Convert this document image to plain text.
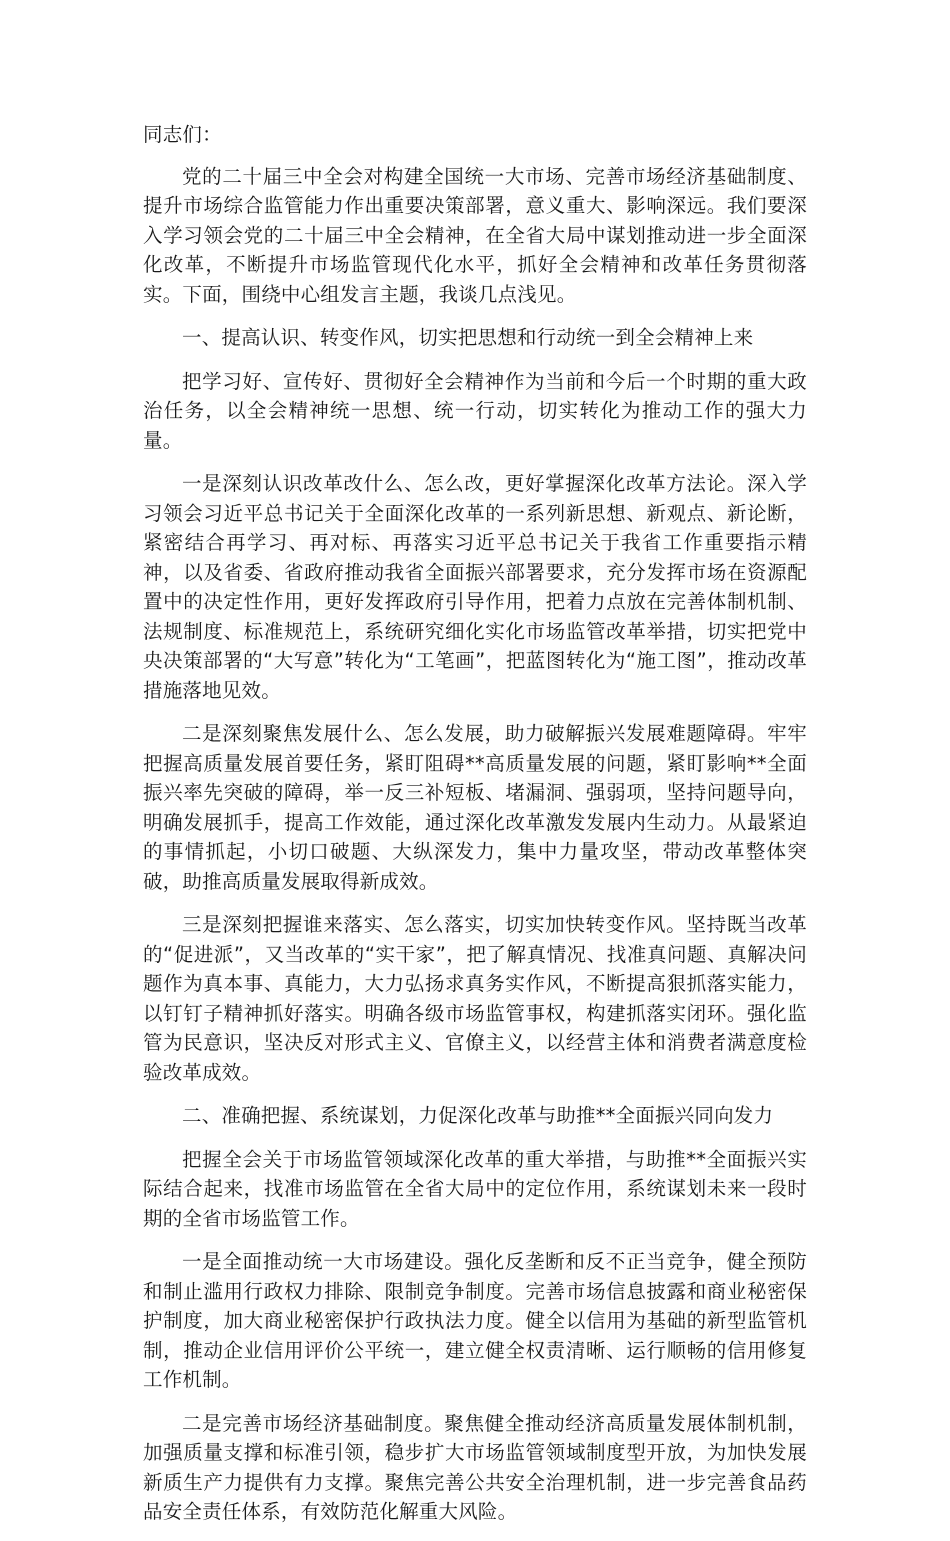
同志们：

党的二十届三中全会对构建全国统一大市场、完善市场经济基础制度、提升市场综合监管能力作出重要决策部署，意义重大、影响深远。我们要深入学习领会党的二十届三中全会精神，在全省大局中谋划推动进一步全面深化改革，不断提升市场监管现代化水平，抓好全会精神和改革任务贯彻落实。下面，围绕中心组发言主题，我谈几点浅见。

一、提高认识、转变作风，切实把思想和行动统一到全会精神上来

把学习好、宣传好、贯彻好全会精神作为当前和今后一个时期的重大政治任务，以全会精神统一思想、统一行动，切实转化为推动工作的强大力量。

一是深刻认识改革改什么、怎么改，更好掌握深化改革方法论。深入学习领会习近平总书记关于全面深化改革的一系列新思想、新观点、新论断，紧密结合再学习、再对标、再落实习近平总书记关于我省工作重要指示精神，以及省委、省政府推动我省全面振兴部署要求，充分发挥市场在资源配置中的决定性作用，更好发挥政府引导作用，把着力点放在完善体制机制、法规制度、标准规范上，系统研究细化实化市场监管改革举措，切实把党中央决策部署的“大写意”转化为“工笔画”，把蓝图转化为“施工图”，推动改革措施落地见效。

二是深刻聚焦发展什么、怎么发展，助力破解振兴发展难题障碍。牢牢把握高质量发展首要任务，紧盯阻碍**高质量发展的问题，紧盯影响**全面振兴率先突破的障碍，举一反三补短板、堵漏洞、强弱项，坚持问题导向，明确发展抓手，提高工作效能，通过深化改革激发发展内生动力。从最紧迫的事情抓起，小切口破题、大纵深发力，集中力量攻坚，带动改革整体突破，助推高质量发展取得新成效。

三是深刻把握谁来落实、怎么落实，切实加快转变作风。坚持既当改革的“促进派”，又当改革的“实干家”，把了解真情况、找准真问题、真解决问题作为真本事、真能力，大力弘扬求真务实作风，不断提高狠抓落实能力，以钉钉子精神抓好落实。明确各级市场监管事权，构建抓落实闭环。强化监管为民意识，坚决反对形式主义、官僚主义，以经营主体和消费者满意度检验改革成效。

二、准确把握、系统谋划，力促深化改革与助推**全面振兴同向发力

把握全会关于市场监管领域深化改革的重大举措，与助推**全面振兴实际结合起来，找准市场监管在全省大局中的定位作用，系统谋划未来一段时期的全省市场监管工作。

一是全面推动统一大市场建设。强化反垄断和反不正当竞争，健全预防和制止滥用行政权力排除、限制竞争制度。完善市场信息披露和商业秘密保护制度，加大商业秘密保护行政执法力度。健全以信用为基础的新型监管机制，推动企业信用评价公平统一，建立健全权责清晰、运行顺畅的信用修复工作机制。

二是完善市场经济基础制度。聚焦健全推动经济高质量发展体制机制，加强质量支撑和标准引领，稳步扩大市场监管领域制度型开放，为加快发展新质生产力提供有力支撑。聚焦完善公共安全治理机制，进一步完善食品药品安全责任体系，有效防范化解重大风险。
